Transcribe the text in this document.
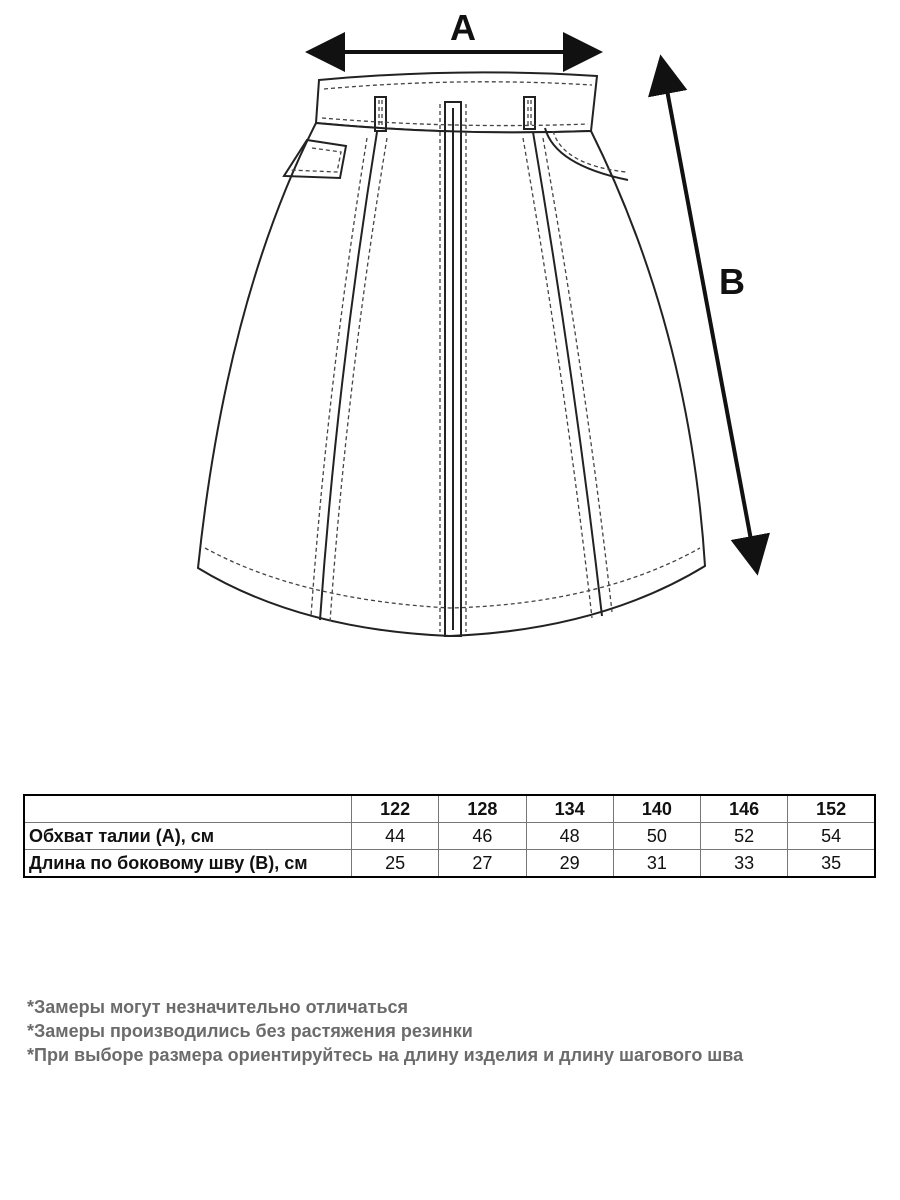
A
B
	122	128	134	140	146	152
Обхват талии (А), см	44	46	48	50	52	54
Длина по боковому шву (В), см	25	27	29	31	33	35
*Замеры могут незначительно отличаться
*Замеры производились без растяжения резинки
*При выборе размера ориентируйтесь на длину изделия и длину шагового шва
